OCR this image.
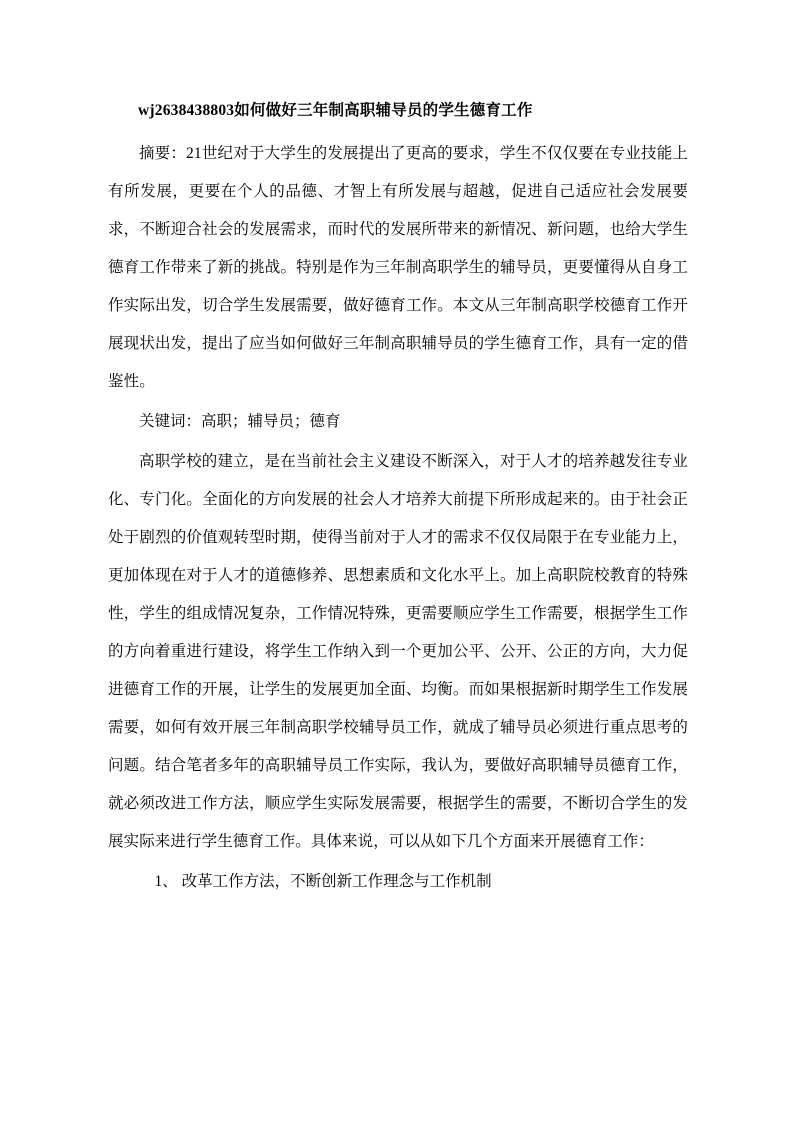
wj2638438803如何做好三年制高职辅导员的学生德育工作

摘要：21世纪对于大学生的发展提出了更高的要求，学生不仅仅要在专业技能上有所发展，更要在个人的品德、才智上有所发展与超越，促进自己适应社会发展要求，不断迎合社会的发展需求，而时代的发展所带来的新情况、新问题，也给大学生德育工作带来了新的挑战。特别是作为三年制高职学生的辅导员，更要懂得从自身工作实际出发，切合学生发展需要，做好德育工作。本文从三年制高职学校德育工作开展现状出发，提出了应当如何做好三年制高职辅导员的学生德育工作，具有一定的借鉴性。

关键词：高职；辅导员；德育

高职学校的建立，是在当前社会主义建设不断深入，对于人才的培养越发往专业化、专门化。全面化的方向发展的社会人才培养大前提下所形成起来的。由于社会正处于剧烈的价值观转型时期，使得当前对于人才的需求不仅仅局限于在专业能力上，更加体现在对于人才的道德修养、思想素质和文化水平上。加上高职院校教育的特殊性，学生的组成情况复杂，工作情况特殊，更需要顺应学生工作需要，根据学生工作的方向着重进行建设，将学生工作纳入到一个更加公平、公开、公正的方向，大力促进德育工作的开展，让学生的发展更加全面、均衡。而如果根据新时期学生工作发展需要，如何有效开展三年制高职学校辅导员工作，就成了辅导员必须进行重点思考的问题。结合笔者多年的高职辅导员工作实际，我认为，要做好高职辅导员德育工作，就必须改进工作方法，顺应学生实际发展需要，根据学生的需要，不断切合学生的发展实际来进行学生德育工作。具体来说，可以从如下几个方面来开展德育工作：

1、 改革工作方法，不断创新工作理念与工作机制
